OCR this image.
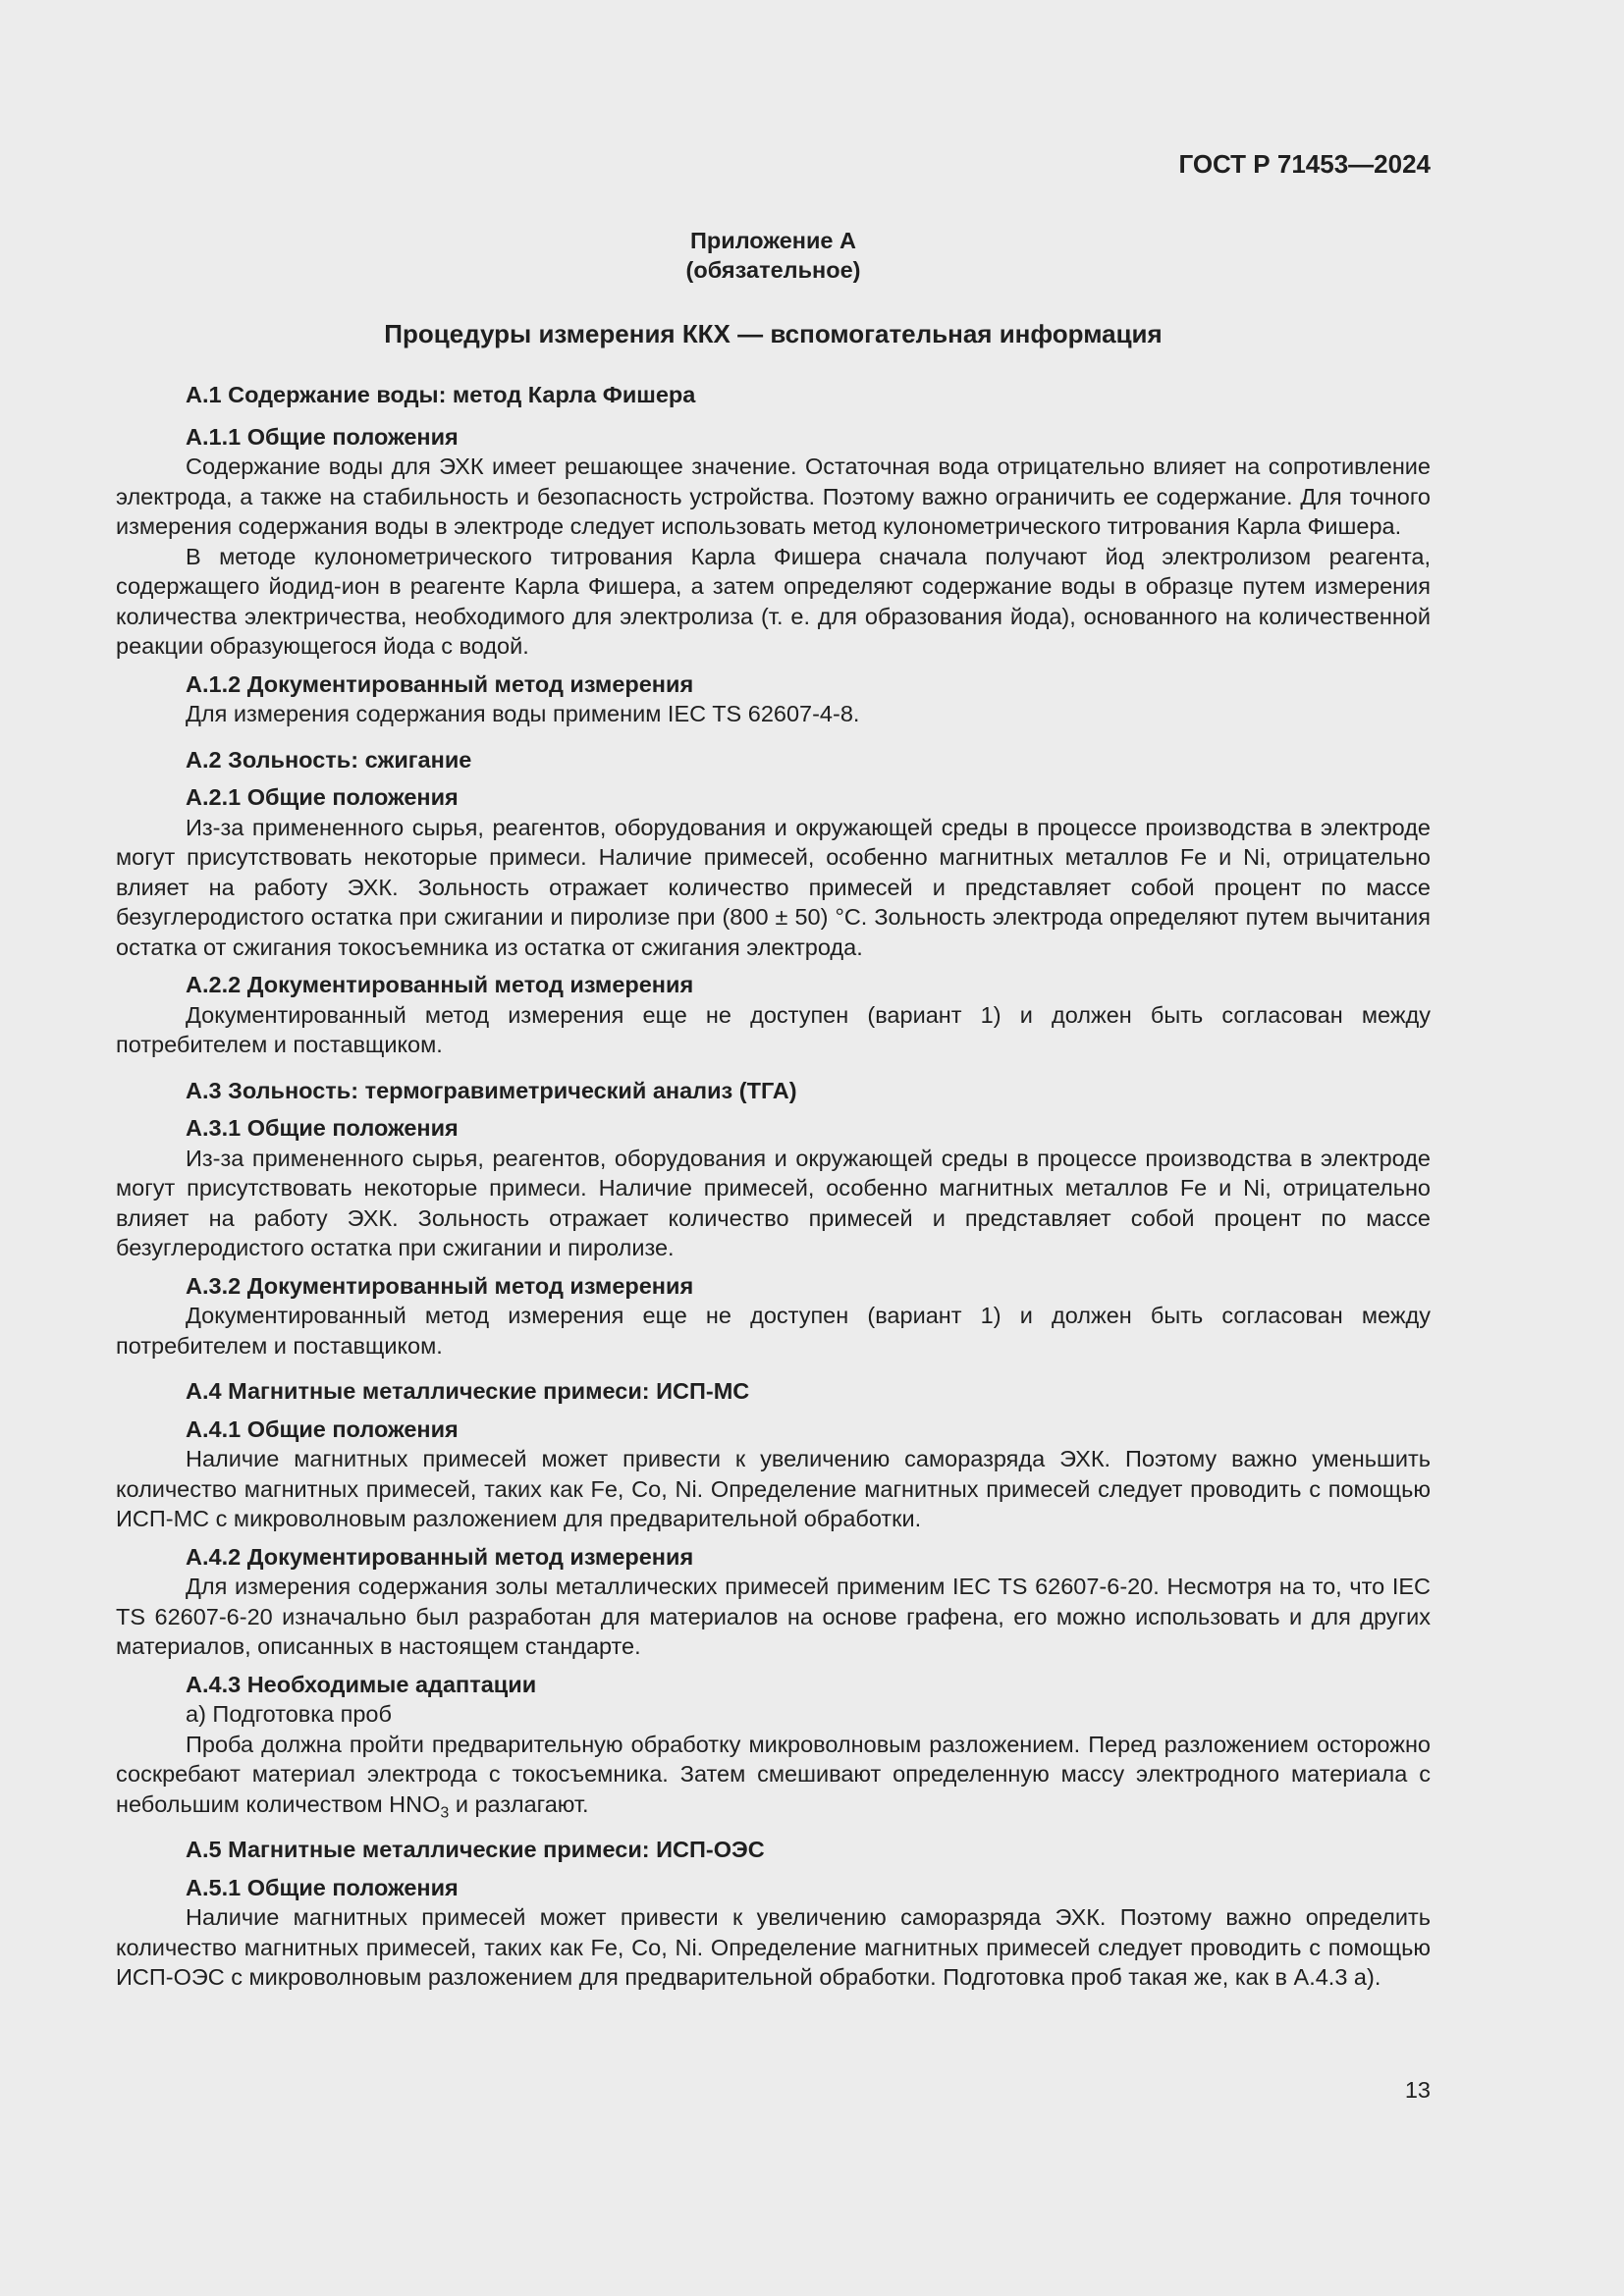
ГОСТ Р 71453—2024
Приложение А
(обязательное)
Процедуры измерения ККХ — вспомогательная информация
А.1 Содержание воды: метод Карла Фишера
А.1.1 Общие положения
Содержание воды для ЭХК имеет решающее значение. Остаточная вода отрицательно влияет на сопротивление электрода, а также на стабильность и безопасность устройства. Поэтому важно ограничить ее содержание. Для точного измерения содержания воды в электроде следует использовать метод кулонометрического титрования Карла Фишера.
В методе кулонометрического титрования Карла Фишера сначала получают йод электролизом реагента, содержащего йодид-ион в реагенте Карла Фишера, а затем определяют содержание воды в образце путем измерения количества электричества, необходимого для электролиза (т. е. для образования йода), основанного на количественной реакции образующегося йода с водой.
А.1.2 Документированный метод измерения
Для измерения содержания воды применим IEC TS 62607-4-8.
А.2 Зольность: сжигание
А.2.1 Общие положения
Из-за примененного сырья, реагентов, оборудования и окружающей среды в процессе производства в электроде могут присутствовать некоторые примеси. Наличие примесей, особенно магнитных металлов Fe и Ni, отрицательно влияет на работу ЭХК. Зольность отражает количество примесей и представляет собой процент по массе безуглеродистого остатка при сжигании и пиролизе при (800 ± 50) °С. Зольность электрода определяют путем вычитания остатка от сжигания токосъемника из остатка от сжигания электрода.
А.2.2 Документированный метод измерения
Документированный метод измерения еще не доступен (вариант 1) и должен быть согласован между потребителем и поставщиком.
А.3 Зольность: термогравиметрический анализ (ТГА)
А.3.1 Общие положения
Из-за примененного сырья, реагентов, оборудования и окружающей среды в процессе производства в электроде могут присутствовать некоторые примеси. Наличие примесей, особенно магнитных металлов Fe и Ni, отрицательно влияет на работу ЭХК. Зольность отражает количество примесей и представляет собой процент по массе безуглеродистого остатка при сжигании и пиролизе.
А.3.2 Документированный метод измерения
Документированный метод измерения еще не доступен (вариант 1) и должен быть согласован между потребителем и поставщиком.
А.4 Магнитные металлические примеси: ИСП-МС
А.4.1 Общие положения
Наличие магнитных примесей может привести к увеличению саморазряда ЭХК. Поэтому важно уменьшить количество магнитных примесей, таких как Fe, Co, Ni. Определение магнитных примесей следует проводить с помощью ИСП-МС с микроволновым разложением для предварительной обработки.
А.4.2 Документированный метод измерения
Для измерения содержания золы металлических примесей применим IEC TS 62607-6-20. Несмотря на то, что IEC TS 62607-6-20 изначально был разработан для материалов на основе графена, его можно использовать и для других материалов, описанных в настоящем стандарте.
А.4.3 Необходимые адаптации
а) Подготовка проб
Проба должна пройти предварительную обработку микроволновым разложением. Перед разложением осторожно соскребают материал электрода с токосъемника. Затем смешивают определенную массу электродного материала с небольшим количеством $HNO_3$ и разлагают.
А.5 Магнитные металлические примеси: ИСП-ОЭС
А.5.1 Общие положения
Наличие магнитных примесей может привести к увеличению саморазряда ЭХК. Поэтому важно определить количество магнитных примесей, таких как Fe, Co, Ni. Определение магнитных примесей следует проводить с помощью ИСП-ОЭС с микроволновым разложением для предварительной обработки. Подготовка проб такая же, как в А.4.3 а).
13
